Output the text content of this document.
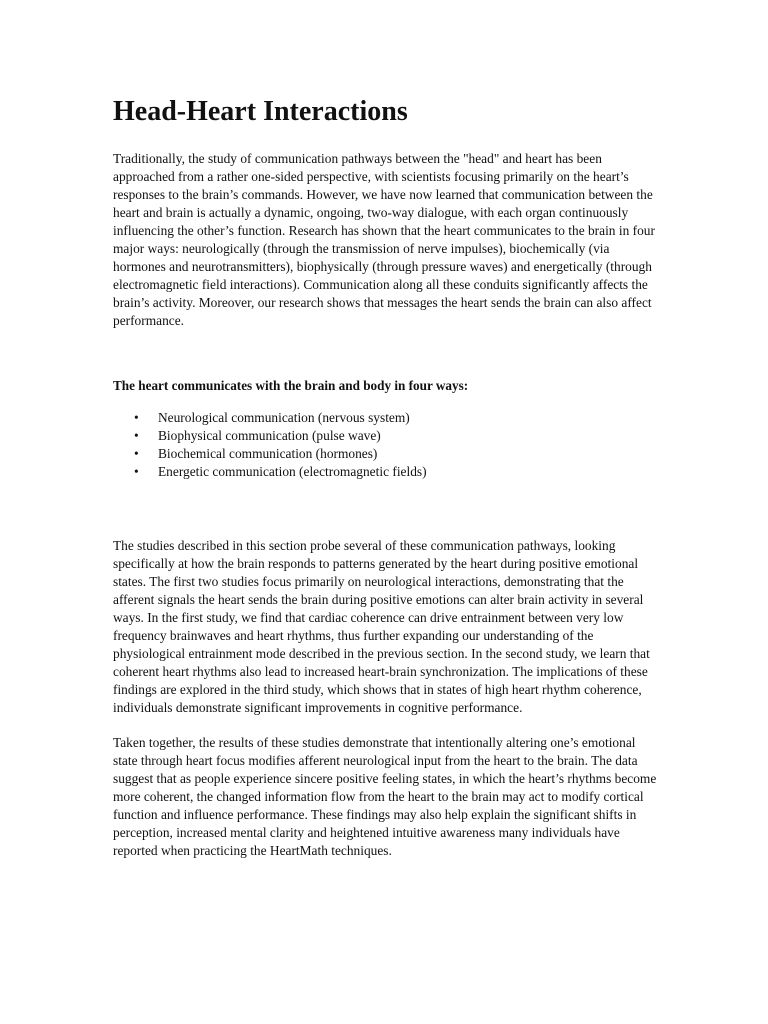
Head-Heart Interactions

Traditionally, the study of communication pathways between the "head" and heart has been approached from a rather one-sided perspective, with scientists focusing primarily on the heart’s responses to the brain’s commands. However, we have now learned that communication between the heart and brain is actually a dynamic, ongoing, two-way dialogue, with each organ continuously influencing the other’s function. Research has shown that the heart communicates to the brain in four major ways: neurologically (through the transmission of nerve impulses), biochemically (via hormones and neurotransmitters), biophysically (through pressure waves) and energetically (through electromagnetic field interactions). Communication along all these conduits significantly affects the brain’s activity. Moreover, our research shows that messages the heart sends the brain can also affect performance.

The heart communicates with the brain and body in four ways:

• Neurological communication (nervous system)
• Biophysical communication (pulse wave)
• Biochemical communication (hormones)
• Energetic communication (electromagnetic fields)

The studies described in this section probe several of these communication pathways, looking specifically at how the brain responds to patterns generated by the heart during positive emotional states. The first two studies focus primarily on neurological interactions, demonstrating that the afferent signals the heart sends the brain during positive emotions can alter brain activity in several ways. In the first study, we find that cardiac coherence can drive entrainment between very low frequency brainwaves and heart rhythms, thus further expanding our understanding of the physiological entrainment mode described in the previous section. In the second study, we learn that coherent heart rhythms also lead to increased heart-brain synchronization. The implications of these findings are explored in the third study, which shows that in states of high heart rhythm coherence, individuals demonstrate significant improvements in cognitive performance.

Taken together, the results of these studies demonstrate that intentionally altering one’s emotional state through heart focus modifies afferent neurological input from the heart to the brain. The data suggest that as people experience sincere positive feeling states, in which the heart’s rhythms become more coherent, the changed information flow from the heart to the brain may act to modify cortical function and influence performance. These findings may also help explain the significant shifts in perception, increased mental clarity and heightened intuitive awareness many individuals have reported when practicing the HeartMath techniques.
